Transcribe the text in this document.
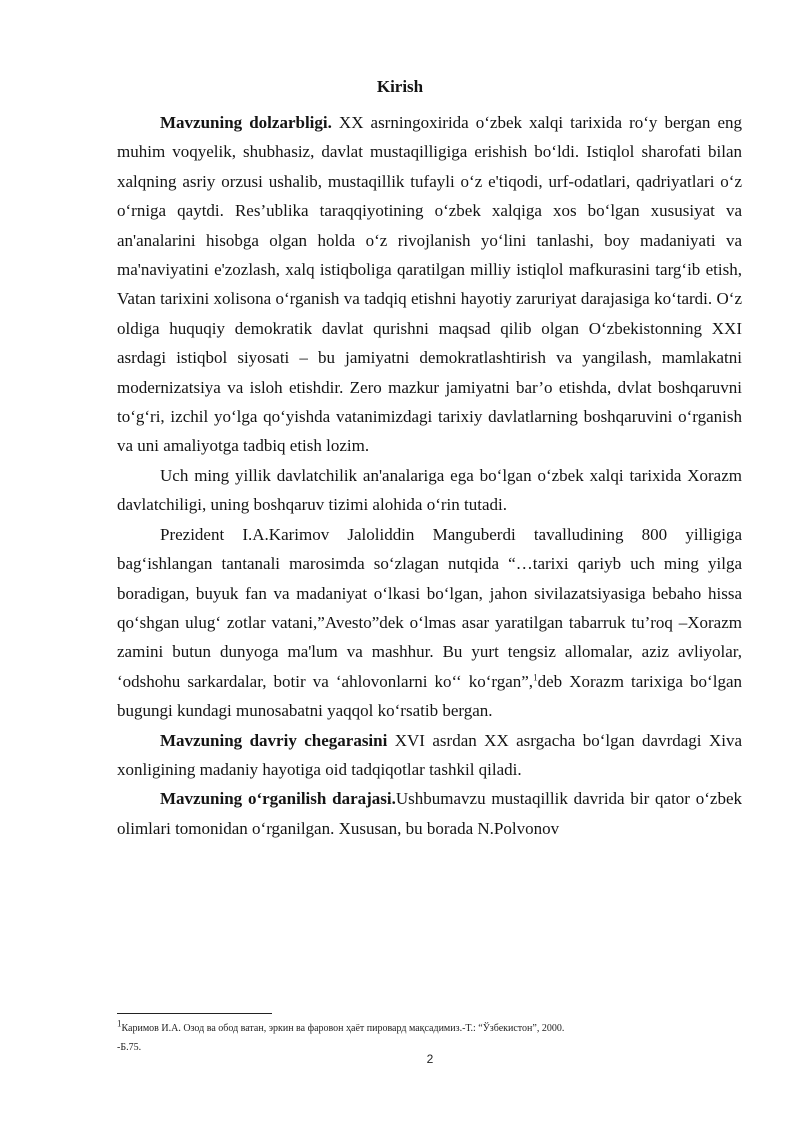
Kirish

Mavzuning dolzarbligi. XX asrningoxirida o‘zbek xalqi tarixida ro‘y bergan eng muhim voqyelik, shubhasiz, davlat mustaqilligiga erishish bo‘ldi. Istiqlol sharofati bilan xalqning asriy orzusi ushalib, mustaqillik tufayli o‘z e'tiqodi, urf-odatlari, qadriyatlari o‘z o‘rniga qaytdi. Res’ublika taraqqiyotining o‘zbek xalqiga xos bo‘lgan xususiyat va an'analarini hisobga olgan holda o‘z rivojlanish yo‘lini tanlashi, boy madaniyati va ma'naviyatini e'zozlash, xalq istiqboliga qaratilgan milliy istiqlol mafkurasini targ‘ib etish, Vatan tarixini xolisona o‘rganish va tadqiq etishni hayotiy zaruriyat darajasiga ko‘tardi. O‘z oldiga huquqiy demokratik davlat qurishni maqsad qilib olgan O‘zbekistonning XXI asrdagi istiqbol siyosati – bu jamiyatni demokratlashtirish va yangilash, mamlakatni modernizatsiya va isloh etishdir. Zero mazkur jamiyatni bar’o etishda, dvlat boshqaruvni to‘g‘ri, izchil yo‘lga qo‘yishda vatanimizdagi tarixiy davlatlarning boshqaruvini o‘rganish va uni amaliyotga tadbiq etish lozim.

Uch ming yillik davlatchilik an'analariga ega bo‘lgan o‘zbek xalqi tarixida Xorazm davlatchiligi, uning boshqaruv tizimi alohida o‘rin tutadi.

Prezident I.A.Karimov Jaloliddin Manguberdi tavalludining 800 yilligiga bag‘ishlangan tantanali marosimda so‘zlagan nutqida “…tarixi qariyb uch ming yilga boradigan, buyuk fan va madaniyat o‘lkasi bo‘lgan, jahon sivilazatsiyasiga bebaho hissa qo‘shgan ulug‘ zotlar vatani,”Avesto”dek o‘lmas asar yaratilgan tabarruk tu’roq –Xorazm zamini butun dunyoga ma'lum va mashhur. Bu yurt tengsiz allomalar, aziz avliyolar, ‘odshohu sarkardalar, botir va ‘ahlovonlarni ko‘‘ ko‘rgan”,$^1$deb Xorazm tarixiga bo‘lgan bugungi kundagi munosabatni yaqqol ko‘rsatib bergan.

Mavzuning davriy chegarasini XVI asrdan XX asrgacha bo‘lgan davrdagi Xiva xonligining madaniy hayotiga oid tadqiqotlar tashkil qiladi.

Mavzuning o‘rganilish darajasi.Ushbumavzu mustaqillik davrida bir qator o‘zbek olimlari tomonidan o‘rganilgan. Xususan, bu borada N.Polvonov

$^1$Каримов И.А. Озод ва обод ватан, эркин ва фаровон ҳаёт пировард мақсадимиз.-Т.: “Ўзбекистон”, 2000.
-Б.75.
2
